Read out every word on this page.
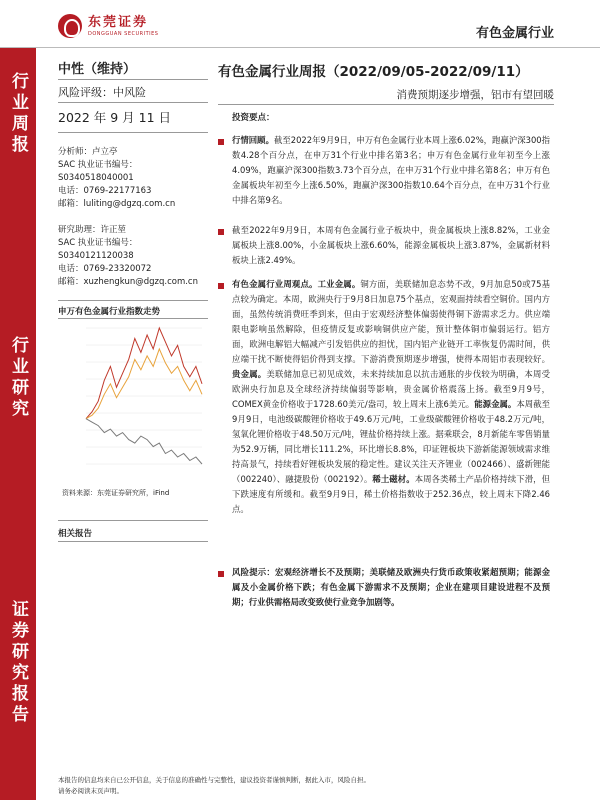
东莞证券
DONGGUAN SECURITIES	有色金属行业
行业周报
行业研究
证券研究报告
中性（维持）
风险评级：中风险
2022 年 9 月 11 日
分析师：卢立亭
SAC 执业证书编号：
S0340518040001
电话：0769-22177163
邮箱：luliting@dgzq.com.cn
研究助理：许正堃
SAC 执业证书编号：
S0340121120038
电话：0769-23320072
邮箱：xuzhengkun@dgzq.com.cn
申万有色金属行业指数走势
资料来源：东莞证券研究所，iFind
相关报告
有色金属行业周报（2022/09/05-2022/09/11）
消费预期逐步增强，铝市有望回暖
投资要点：
行情回顾。截至2022年9月9日，申万有色金属行业本周上涨6.02%，跑赢沪深300指数4.28个百分点，在申万31个行业中排名第3名；申万有色金属行业年初至今上涨4.09%，跑赢沪深300指数3.73个百分点，在申万31个行业中排名第8名；申万有色金属板块年初至今上涨6.50%，跑赢沪深300指数10.64个百分点，在申万31个行业中排名第9名。
截至2022年9月9日，本周有色金属行业子板块中，贵金属板块上涨8.82%，工业金属板块上涨8.00%，小金属板块上涨6.60%，能源金属板块上涨3.87%，金属新材料板块上涨2.49%。
有色金属行业周观点。工业金属。铜方面，美联储加息态势不改，9月加息50或75基点较为确定。本周，欧洲央行于9月8日加息75个基点，宏观面持续看空铜价。国内方面，虽然传统消费旺季到来，但由于宏观经济整体偏弱使得铜下游需求乏力。供应端限电影响虽然解除，但疫情反复或影响铜供应产能，预计整体铜市偏弱运行。铝方面，欧洲电解铝大幅减产引发铝供应的担忧，国内铝产业链开工率恢复仍需时间，供应端干扰不断使得铝价得到支撑。下游消费预期逐步增强，使得本周铝市表现较好。贵金属。美联储加息已初见成效，未来持续加息以抗击通胀的步伐较为明确，本周受欧洲央行加息及全球经济持续偏弱等影响，贵金属价格震荡上扬。截至9月9号，COMEX黄金价格收于1728.60美元/盎司，较上周末上涨6美元。能源金属。本周截至9月9日，电池级碳酸锂价格收于49.6万元/吨，工业级碳酸锂价格收于48.2万元/吨，氢氧化锂价格收于48.50万元/吨，锂盐价格持续上涨。据乘联会，8月新能车零售销量为52.9万辆，同比增长111.2%，环比增长8.8%，印证锂板块下游新能源领域需求维持高景气，持续看好锂板块发展的稳定性。建议关注天齐锂业（002466）、盛新锂能（002240）、融捷股份（002192）。稀土磁材。本周各类稀土产品价格持续下滑，但下跌速度有所缓和。截至9月9日，稀土价格指数收于252.36点，较上周末下降2.46点。
风险提示：宏观经济增长不及预期；美联储及欧洲央行货币政策收紧超预期；能源金属及小金属价格下跌；有色金属下游需求不及预期；企业在建项目建设进程不及预期；行业供需格局改变致使行业竞争加剧等。
本报告的信息均来自已公开信息，关于信息的准确性与完整性，建议投资者谨慎判断，据此入市，风险自担。
请务必阅读末页声明。
